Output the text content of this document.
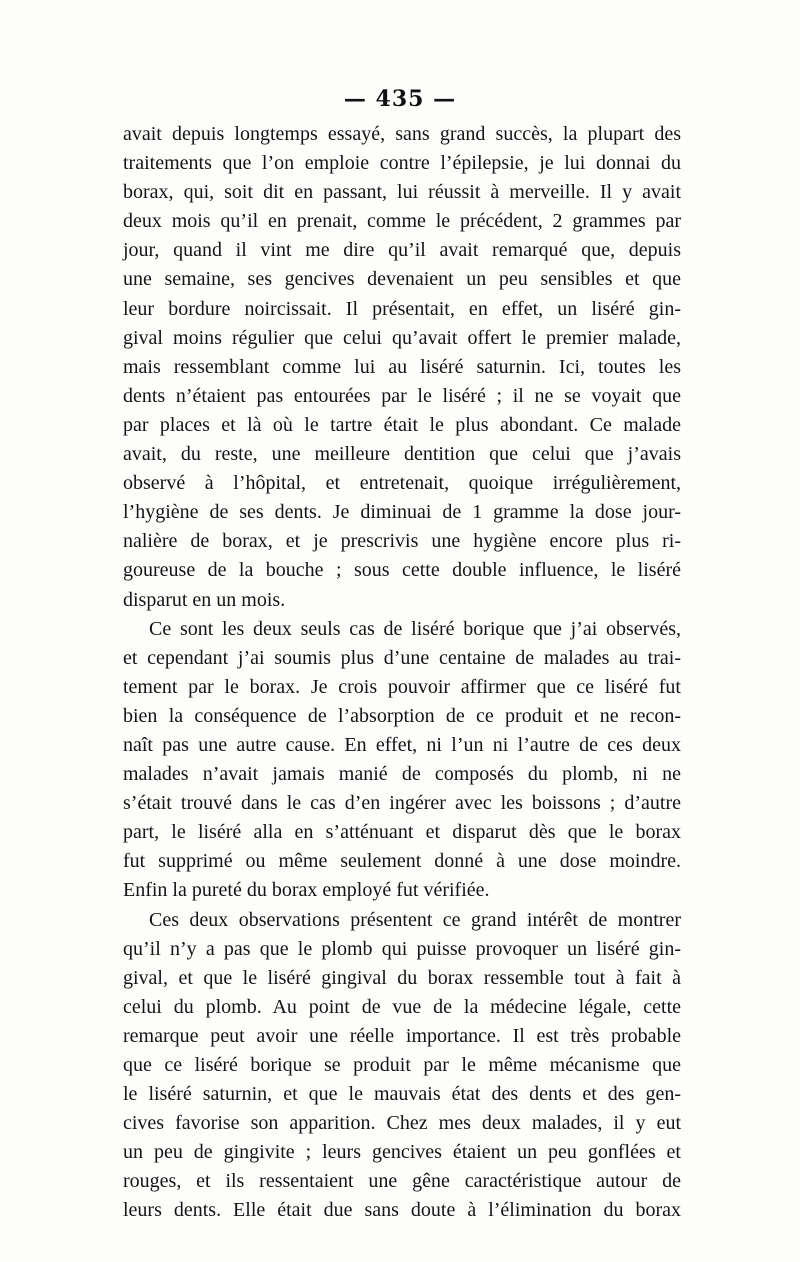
— 435 —
avait depuis longtemps essayé, sans grand succès, la plupart des
traitements que l’on emploie contre l’épilepsie, je lui donnai du
borax, qui, soit dit en passant, lui réussit à merveille. Il y avait
deux mois qu’il en prenait, comme le précédent, 2 grammes par
jour, quand il vint me dire qu’il avait remarqué que, depuis
une semaine, ses gencives devenaient un peu sensibles et que
leur bordure noircissait. Il présentait, en effet, un liséré gin-
gival moins régulier que celui qu’avait offert le premier malade,
mais ressemblant comme lui au liséré saturnin. Ici, toutes les
dents n’étaient pas entourées par le liséré ; il ne se voyait que
par places et là où le tartre était le plus abondant. Ce malade
avait, du reste, une meilleure dentition que celui que j’avais
observé à l’hôpital, et entretenait, quoique irrégulièrement,
l’hygiène de ses dents. Je diminuai de 1 gramme la dose jour-
nalière de borax, et je prescrivis une hygiène encore plus ri-
goureuse de la bouche ; sous cette double influence, le liséré
disparut en un mois.
Ce sont les deux seuls cas de liséré borique que j’ai observés,
et cependant j’ai soumis plus d’une centaine de malades au trai-
tement par le borax. Je crois pouvoir affirmer que ce liséré fut
bien la conséquence de l’absorption de ce produit et ne recon-
naît pas une autre cause. En effet, ni l’un ni l’autre de ces deux
malades n’avait jamais manié de composés du plomb, ni ne
s’était trouvé dans le cas d’en ingérer avec les boissons ; d’autre
part, le liséré alla en s’atténuant et disparut dès que le borax
fut supprimé ou même seulement donné à une dose moindre.
Enfin la pureté du borax employé fut vérifiée.
Ces deux observations présentent ce grand intérêt de montrer
qu’il n’y a pas que le plomb qui puisse provoquer un liséré gin-
gival, et que le liséré gingival du borax ressemble tout à fait à
celui du plomb. Au point de vue de la médecine légale, cette
remarque peut avoir une réelle importance. Il est très probable
que ce liséré borique se produit par le même mécanisme que
le liséré saturnin, et que le mauvais état des dents et des gen-
cives favorise son apparition. Chez mes deux malades, il y eut
un peu de gingivite ; leurs gencives étaient un peu gonflées et
rouges, et ils ressentaient une gêne caractéristique autour de
leurs dents. Elle était due sans doute à l’élimination du borax
